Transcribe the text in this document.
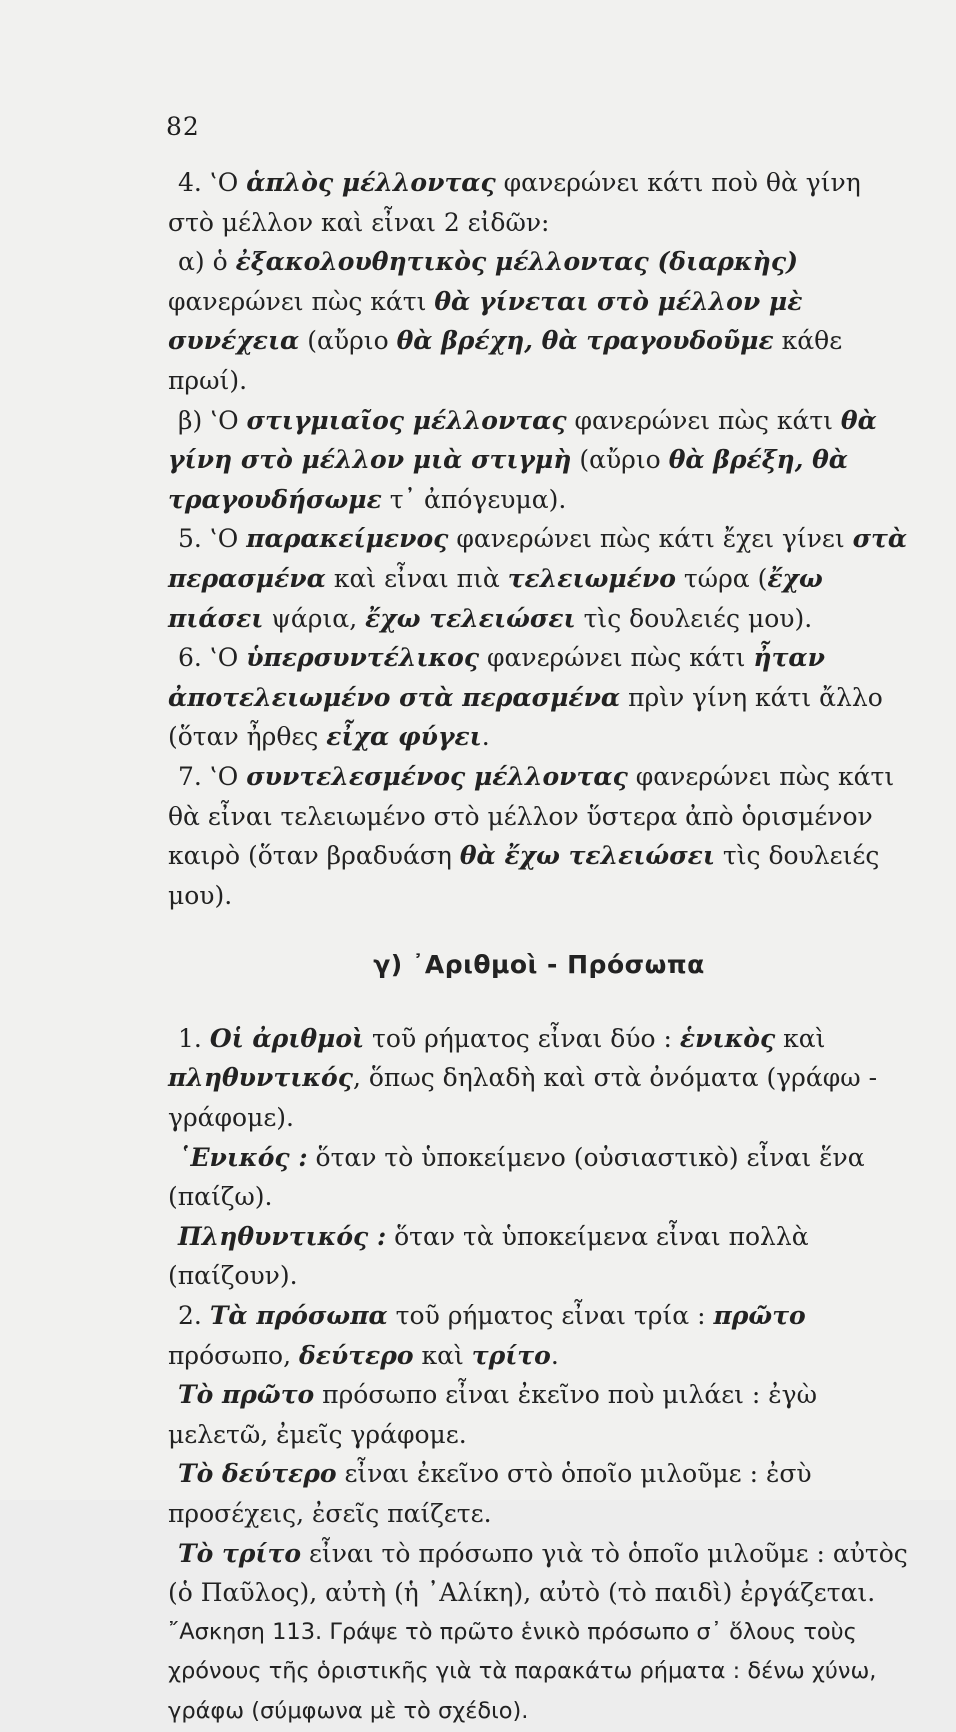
82

4. ‛Ο ἁπλὸς μέλλοντας φανερώνει κάτι ποὺ θὰ γίνη στὸ μέλλον καὶ εἶναι 2 εἰδῶν:

α) ὁ ἐξακολουθητικὸς μέλλοντας (διαρκὴς) φανερώνει πὼς κάτι θὰ γίνεται στὸ μέλλον μὲ συνέχεια (αὔριο θὰ βρέχη, θὰ τραγουδοῦμε κάθε πρωί).

β) ‛Ο στιγμιαῖος μέλλοντας φανερώνει πὼς κάτι θὰ γίνη στὸ μέλλον μιὰ στιγμὴ (αὔριο θὰ βρέξη, θὰ τραγουδήσωμε τ᾿ ἀπόγευμα).

5. ‛Ο παρακείμενος φανερώνει πὼς κάτι ἔχει γίνει στὰ περασμένα καὶ εἶναι πιὰ τελειωμένο τώρα (ἔχω πιάσει ψάρια, ἔχω τελειώσει τὶς δουλειές μου).

6. ‛Ο ὑπερσυντέλικος φανερώνει πὼς κάτι ἦταν ἀποτελειωμένο στὰ περασμένα πρὶν γίνη κάτι ἄλλο (ὅταν ἦρθες εἶχα φύγει.

7. ‛Ο συντελεσμένος μέλλοντας φανερώνει πὼς κάτι θὰ εἶναι τελειωμένο στὸ μέλλον ὕστερα ἀπὸ ὁρισμένον καιρὸ (ὅταν βραδυάση θὰ ἔχω τελειώσει τὶς δουλειές μου).

γ) ᾿Αριθμοὶ - Πρόσωπα

1. Οἱ ἀριθμοὶ τοῦ ρήματος εἶναι δύο : ἑνικὸς καὶ πληθυντικός, ὅπως δηλαδὴ καὶ στὰ ὀνόματα (γράφω - γράφομε).

῾Ενικός : ὅταν τὸ ὑποκείμενο (οὐσιαστικὸ) εἶναι ἕνα (παίζω).

Πληθυντικός : ὅταν τὰ ὑποκείμενα εἶναι πολλὰ (παίζουν).

2. Τὰ πρόσωπα τοῦ ρήματος εἶναι τρία : πρῶτο πρόσωπο, δεύτερο καὶ τρίτο.

Τὸ πρῶτο πρόσωπο εἶναι ἐκεῖνο ποὺ μιλάει : ἐγὼ μελετῶ, ἐμεῖς γράφομε.

Τὸ δεύτερο εἶναι ἐκεῖνο στὸ ὁποῖο μιλοῦμε : ἐσὺ προσέχεις, ἐσεῖς παίζετε.

Τὸ τρίτο εἶναι τὸ πρόσωπο γιὰ τὸ ὁποῖο μιλοῦμε : αὐτὸς (ὁ Παῦλος), αὐτὴ (ἡ ᾿Αλίκη), αὐτὸ (τὸ παιδὶ) ἐργάζεται.

῎Ασκηση 113. Γράψε τὸ πρῶτο ἑνικὸ πρόσωπο σ᾿ ὅλους τοὺς χρόνους τῆς ὁριστικῆς γιὰ τὰ παρακάτω ρήματα : δένω χύνω, γράφω (σύμφωνα μὲ τὸ σχέδιο).
